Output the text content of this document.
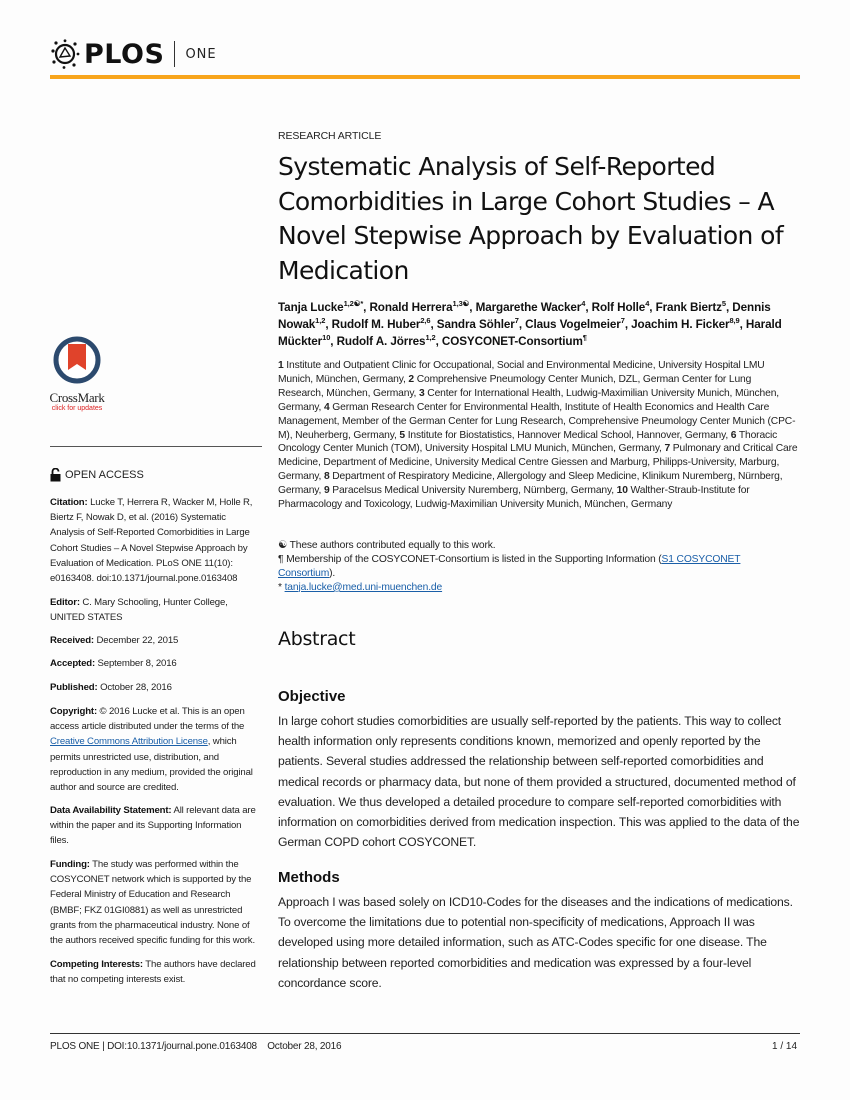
PLOS ONE
CrossMark
click for updates
OPEN ACCESS
Citation: Lucke T, Herrera R, Wacker M, Holle R, Biertz F, Nowak D, et al. (2016) Systematic Analysis of Self-Reported Comorbidities in Large Cohort Studies – A Novel Stepwise Approach by Evaluation of Medication. PLoS ONE 11(10): e0163408. doi:10.1371/journal.pone.0163408
Editor: C. Mary Schooling, Hunter College, UNITED STATES
Received: December 22, 2015
Accepted: September 8, 2016
Published: October 28, 2016
Copyright: © 2016 Lucke et al. This is an open access article distributed under the terms of the Creative Commons Attribution License, which permits unrestricted use, distribution, and reproduction in any medium, provided the original author and source are credited.
Data Availability Statement: All relevant data are within the paper and its Supporting Information files.
Funding: The study was performed within the COSYCONET network which is supported by the Federal Ministry of Education and Research (BMBF; FKZ 01GI0881) as well as unrestricted grants from the pharmaceutical industry. None of the authors received specific funding for this work.
Competing Interests: The authors have declared that no competing interests exist.
RESEARCH ARTICLE
Systematic Analysis of Self-Reported Comorbidities in Large Cohort Studies – A Novel Stepwise Approach by Evaluation of Medication
Tanja Lucke$^{1,2☯*}$, Ronald Herrera$^{1,3☯}$, Margarethe Wacker$^4$, Rolf Holle$^4$, Frank Biertz$^5$, Dennis Nowak$^{1,2}$, Rudolf M. Huber$^{2,6}$, Sandra Söhler$^7$, Claus Vogelmeier$^7$, Joachim H. Ficker$^{8,9}$, Harald Mückter$^{10}$, Rudolf A. Jörres$^{1,2}$, COSYCONET-Consortium¶
1 Institute and Outpatient Clinic for Occupational, Social and Environmental Medicine, University Hospital LMU Munich, München, Germany, 2 Comprehensive Pneumology Center Munich, DZL, German Center for Lung Research, München, Germany, 3 Center for International Health, Ludwig-Maximilian University Munich, München, Germany, 4 German Research Center for Environmental Health, Institute of Health Economics and Health Care Management, Member of the German Center for Lung Research, Comprehensive Pneumology Center Munich (CPC-M), Neuherberg, Germany, 5 Institute for Biostatistics, Hannover Medical School, Hannover, Germany, 6 Thoracic Oncology Center Munich (TOM), University Hospital LMU Munich, München, Germany, 7 Pulmonary and Critical Care Medicine, Department of Medicine, University Medical Centre Giessen and Marburg, Philipps-University, Marburg, Germany, 8 Department of Respiratory Medicine, Allergology and Sleep Medicine, Klinikum Nuremberg, Nürnberg, Germany, 9 Paracelsus Medical University Nuremberg, Nürnberg, Germany, 10 Walther-Straub-Institute for Pharmacology and Toxicology, Ludwig-Maximilian University Munich, München, Germany
☯ These authors contributed equally to this work.
¶ Membership of the COSYCONET-Consortium is listed in the Supporting Information (S1 COSYCONET Consortium).
* tanja.lucke@med.uni-muenchen.de
Abstract
Objective
In large cohort studies comorbidities are usually self-reported by the patients. This way to collect health information only represents conditions known, memorized and openly reported by the patients. Several studies addressed the relationship between self-reported comorbidities and medical records or pharmacy data, but none of them provided a structured, documented method of evaluation. We thus developed a detailed procedure to compare self-reported comorbidities with information on comorbidities derived from medication inspection. This was applied to the data of the German COPD cohort COSYCONET.
Methods
Approach I was based solely on ICD10-Codes for the diseases and the indications of medications. To overcome the limitations due to potential non-specificity of medications, Approach II was developed using more detailed information, such as ATC-Codes specific for one disease. The relationship between reported comorbidities and medication was expressed by a four-level concordance score.
PLOS ONE | DOI:10.1371/journal.pone.0163408    October 28, 2016	1 / 14
